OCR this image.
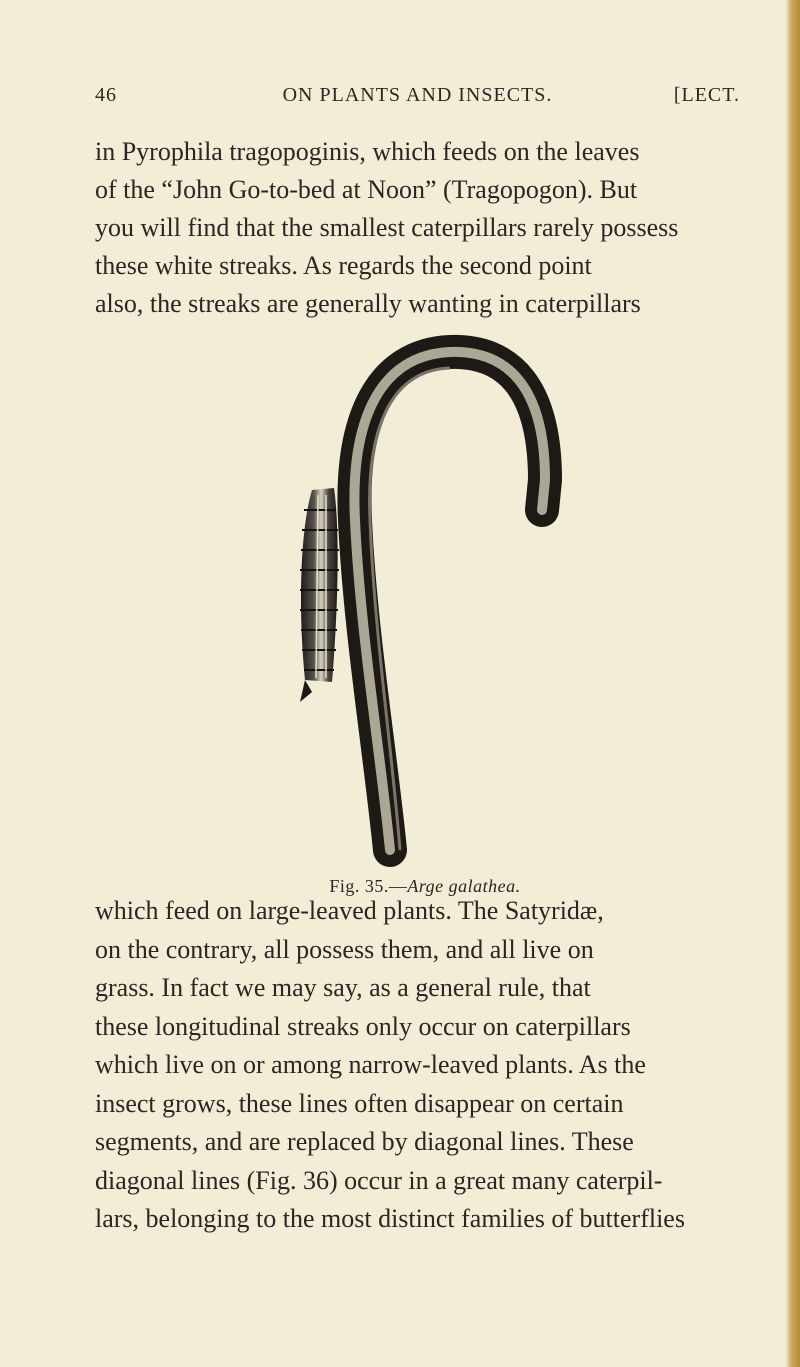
ON PLANTS AND INSECTS.
46	[LECT.
in Pyrophila tragopoginis, which feeds on the leaves
of the “John Go-to-bed at Noon” (Tragopogon). But
you will find that the smallest caterpillars rarely possess
these white streaks. As regards the second point
also, the streaks are generally wanting in caterpillars
Fig. 35.—Arge galathea.
which feed on large-leaved plants. The Satyridæ,
on the contrary, all possess them, and all live on
grass. In fact we may say, as a general rule, that
these longitudinal streaks only occur on caterpillars
which live on or among narrow-leaved plants. As the
insect grows, these lines often disappear on certain
segments, and are replaced by diagonal lines. These
diagonal lines (Fig. 36) occur in a great many caterpil-
lars, belonging to the most distinct families of butterflies
